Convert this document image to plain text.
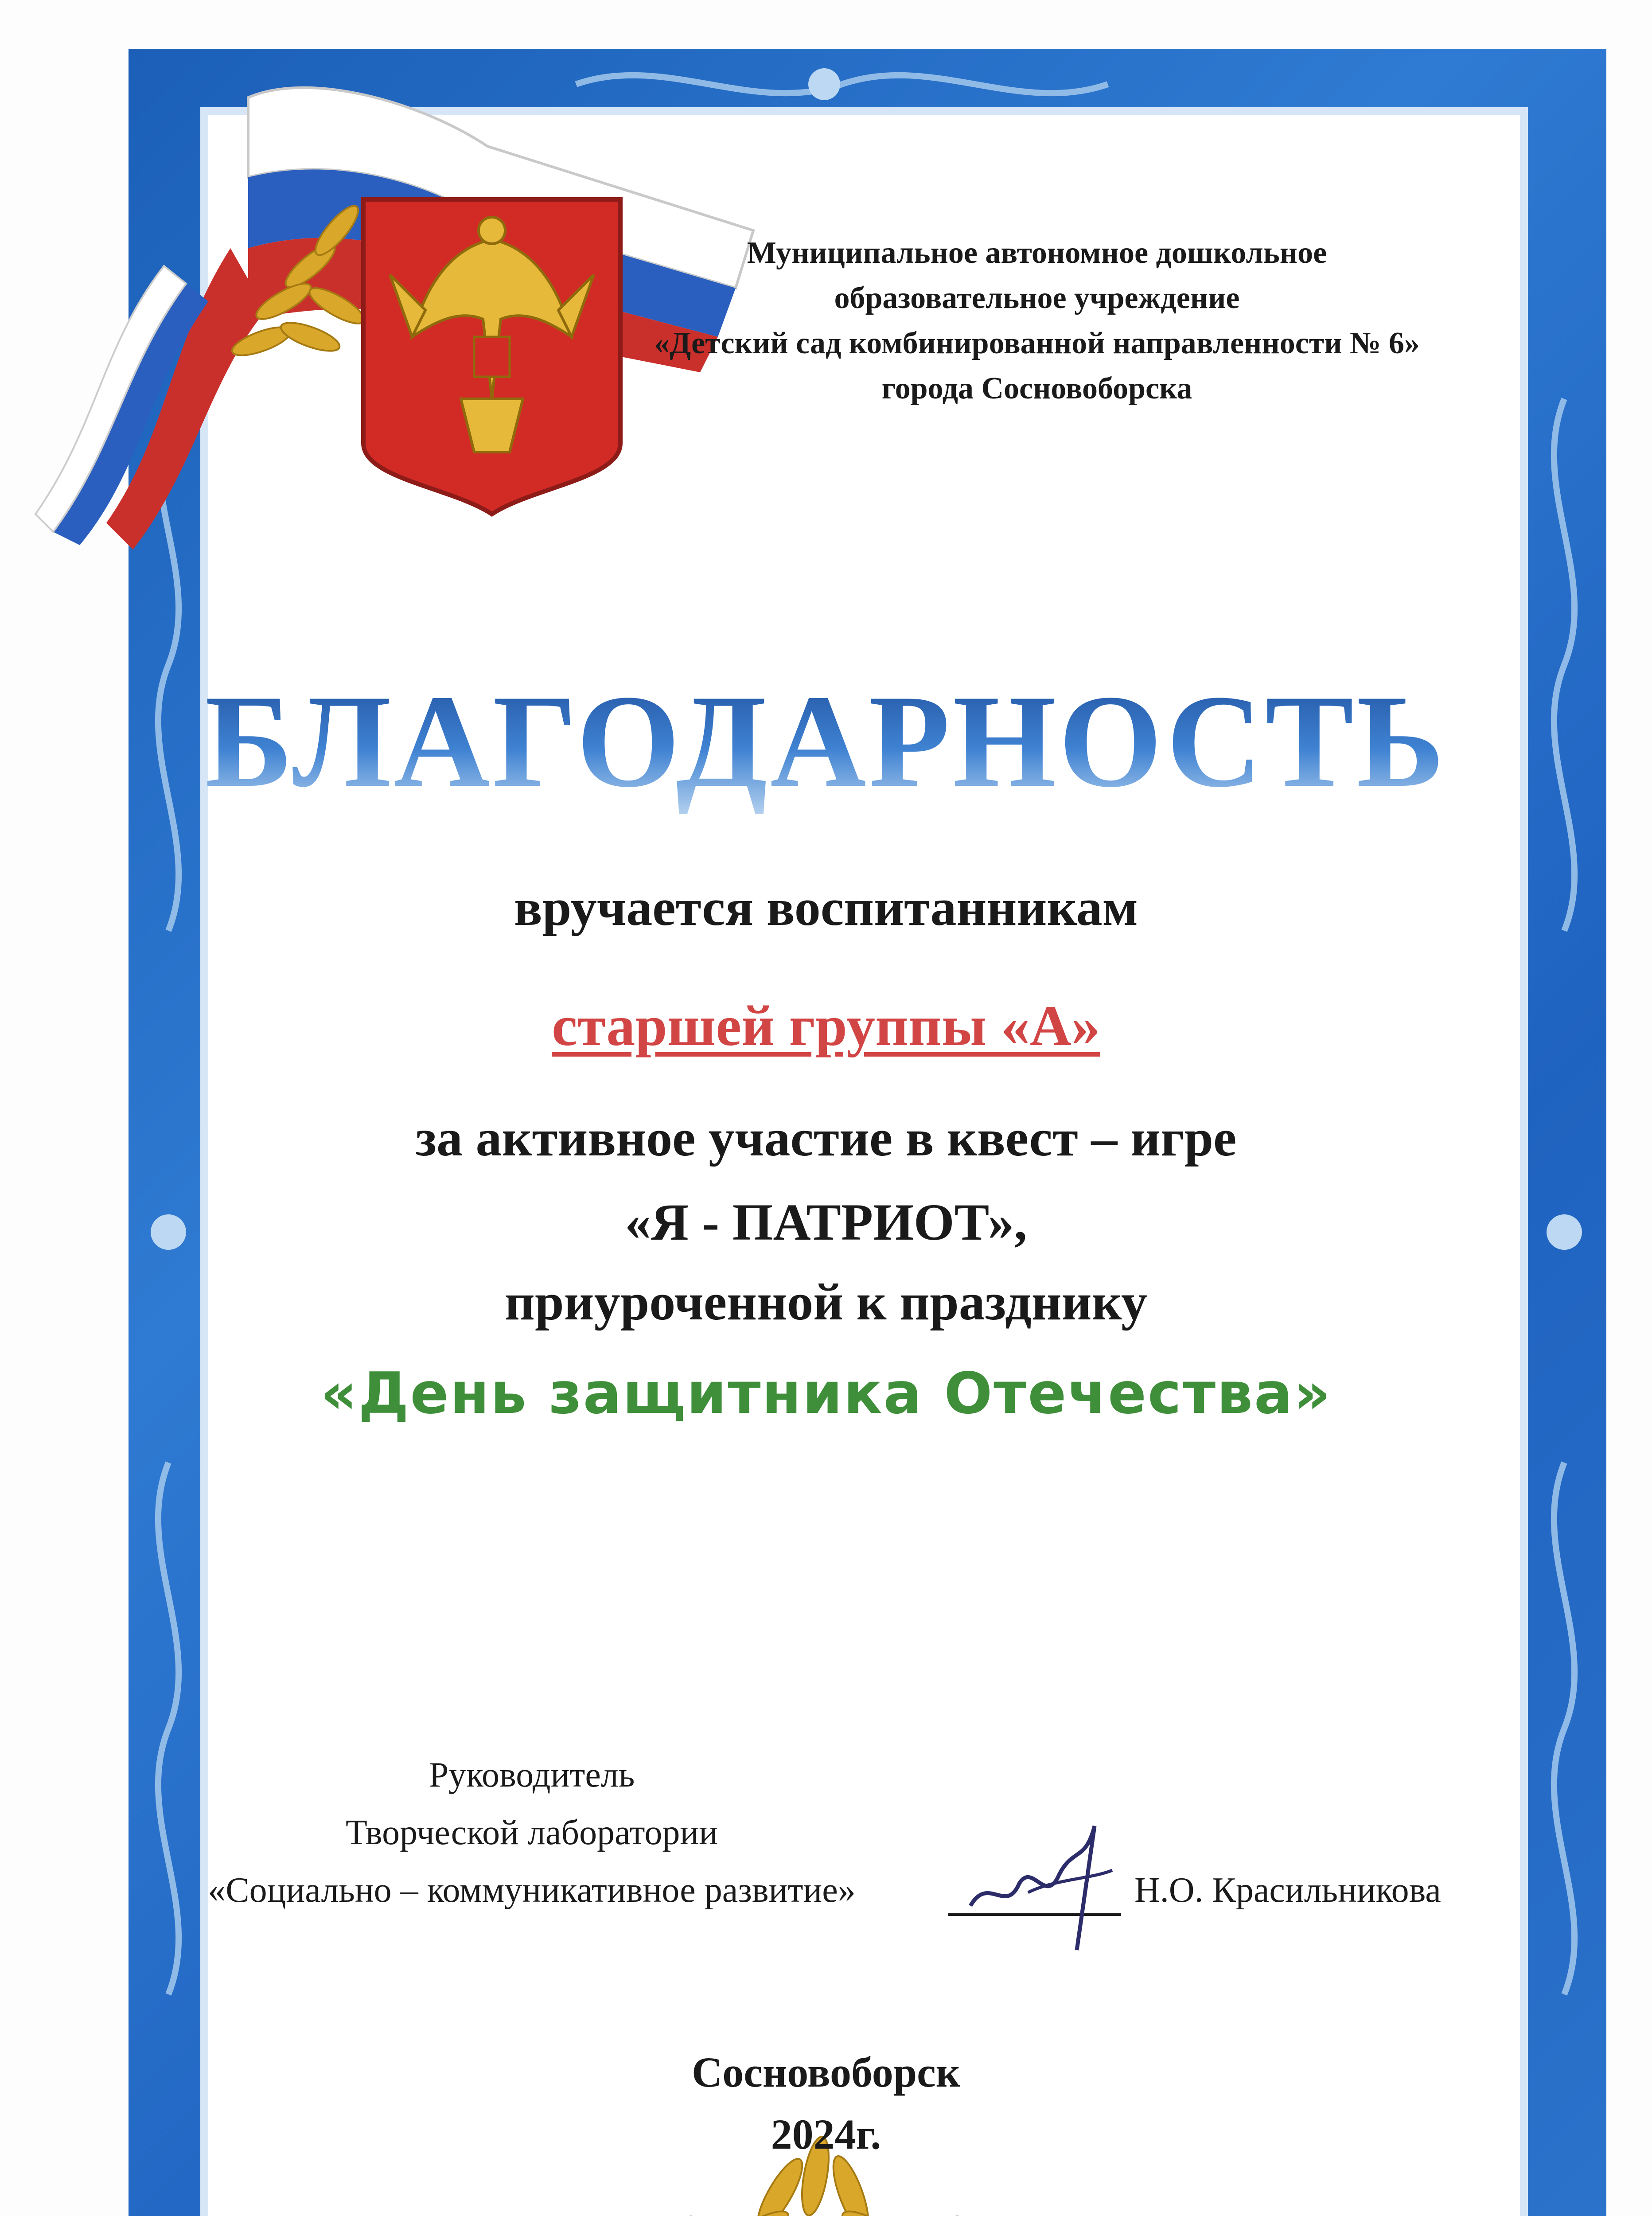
Муниципальное автономное дошкольное
образовательное учреждение
«Детский сад комбинированной направленности № 6»
города Сосновоборска
БЛАГОДАРНОСТЬ
вручается воспитанникам
старшей группы «А»
за активное участие в квест – игре
«Я - ПАТРИОТ»,
приуроченной к празднику
«День защитника Отечества»
Руководитель
Творческой лаборатории
«Социально – коммуникативное развитие»	Н.О. Красильникова
Сосновоборск
2024г.
